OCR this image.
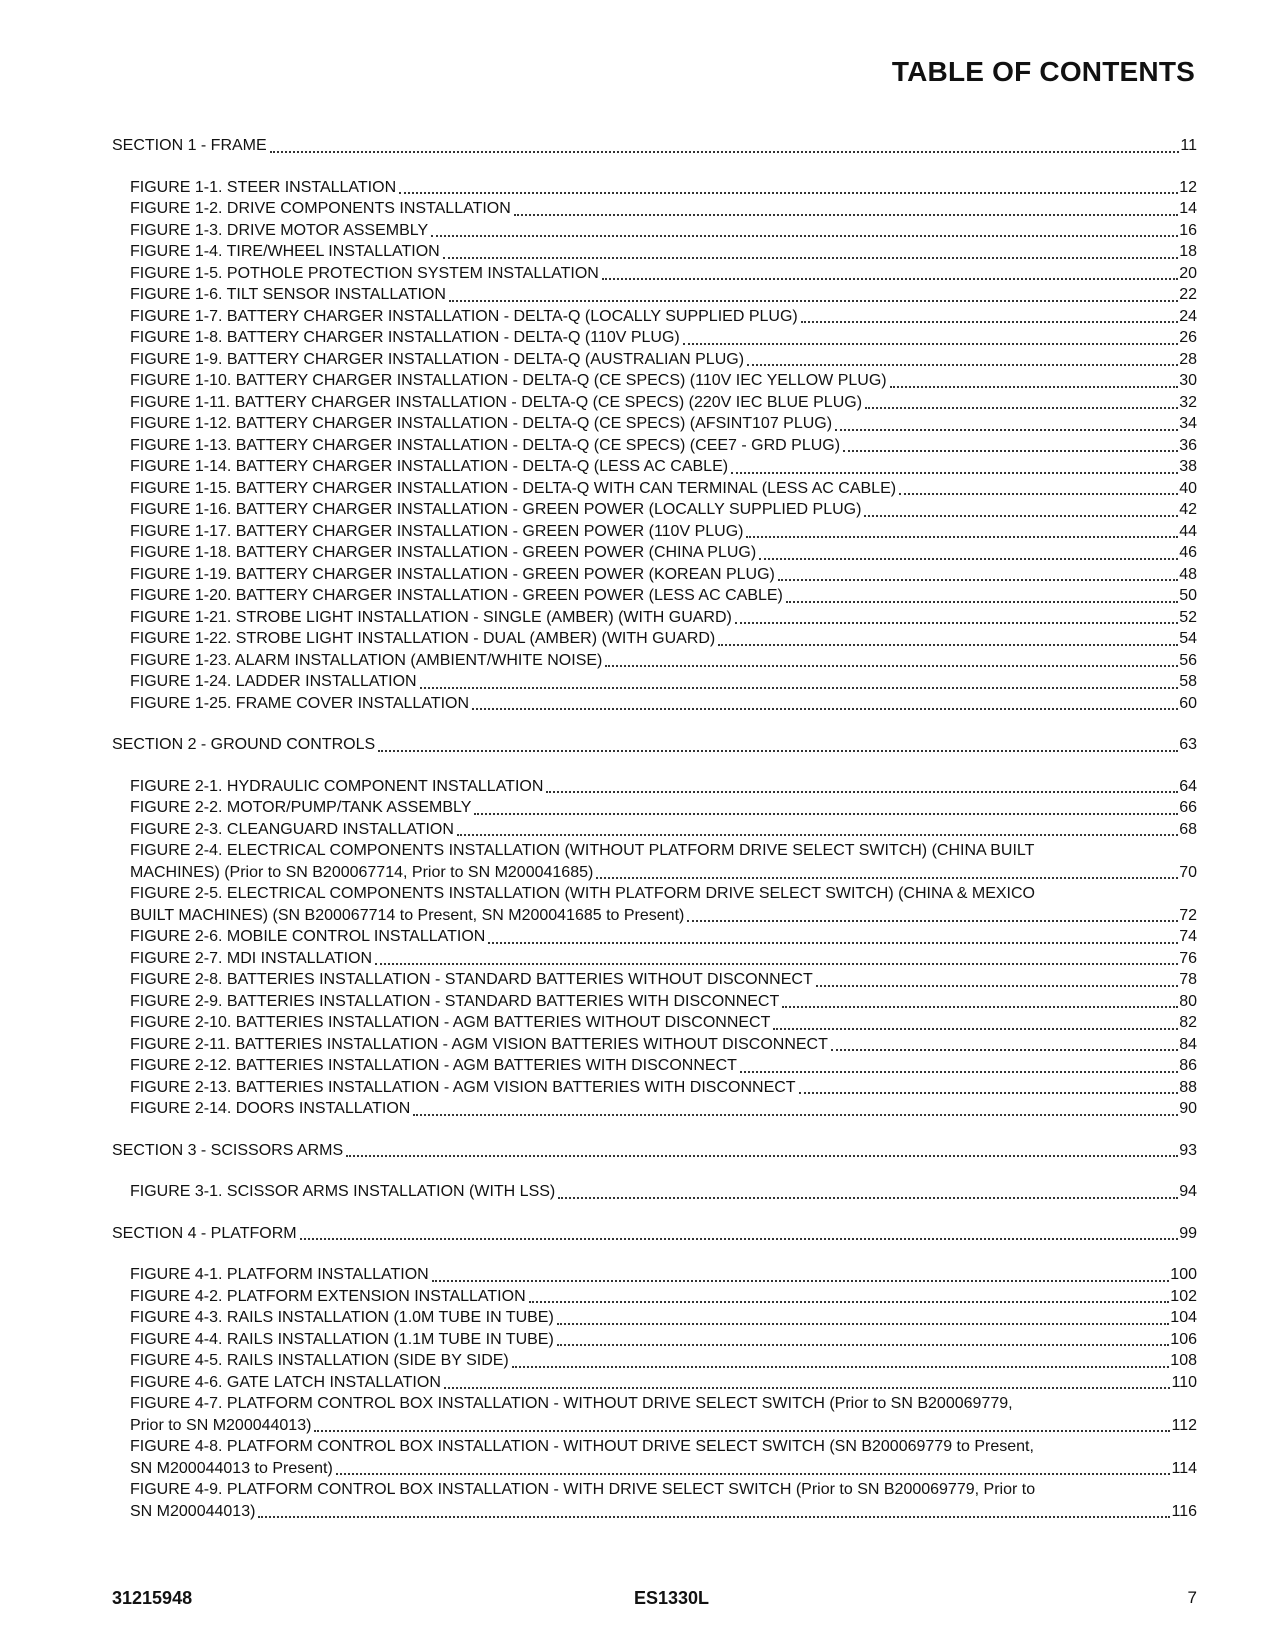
TABLE OF CONTENTS
SECTION 1 - FRAME	11
FIGURE 1-1. STEER INSTALLATION	12
FIGURE 1-2. DRIVE COMPONENTS INSTALLATION	14
FIGURE 1-3. DRIVE MOTOR ASSEMBLY	16
FIGURE 1-4. TIRE/WHEEL INSTALLATION	18
FIGURE 1-5. POTHOLE PROTECTION SYSTEM INSTALLATION	20
FIGURE 1-6. TILT SENSOR INSTALLATION	22
FIGURE 1-7. BATTERY CHARGER INSTALLATION - DELTA-Q (LOCALLY SUPPLIED PLUG)	24
FIGURE 1-8. BATTERY CHARGER INSTALLATION - DELTA-Q (110V PLUG)	26
FIGURE 1-9. BATTERY CHARGER INSTALLATION - DELTA-Q (AUSTRALIAN PLUG)	28
FIGURE 1-10. BATTERY CHARGER INSTALLATION - DELTA-Q (CE SPECS) (110V IEC YELLOW PLUG)	30
FIGURE 1-11. BATTERY CHARGER INSTALLATION - DELTA-Q (CE SPECS) (220V IEC BLUE PLUG)	32
FIGURE 1-12. BATTERY CHARGER INSTALLATION - DELTA-Q (CE SPECS) (AFSINT107 PLUG)	34
FIGURE 1-13. BATTERY CHARGER INSTALLATION - DELTA-Q (CE SPECS) (CEE7 - GRD PLUG)	36
FIGURE 1-14. BATTERY CHARGER INSTALLATION - DELTA-Q (LESS AC CABLE)	38
FIGURE 1-15. BATTERY CHARGER INSTALLATION - DELTA-Q WITH CAN TERMINAL (LESS AC CABLE)	40
FIGURE 1-16. BATTERY CHARGER INSTALLATION - GREEN POWER (LOCALLY SUPPLIED PLUG)	42
FIGURE 1-17. BATTERY CHARGER INSTALLATION - GREEN POWER (110V PLUG)	44
FIGURE 1-18. BATTERY CHARGER INSTALLATION - GREEN POWER (CHINA PLUG)	46
FIGURE 1-19. BATTERY CHARGER INSTALLATION - GREEN POWER (KOREAN PLUG)	48
FIGURE 1-20. BATTERY CHARGER INSTALLATION - GREEN POWER (LESS AC CABLE)	50
FIGURE 1-21. STROBE LIGHT INSTALLATION - SINGLE (AMBER) (WITH GUARD)	52
FIGURE 1-22. STROBE LIGHT INSTALLATION - DUAL (AMBER) (WITH GUARD)	54
FIGURE 1-23. ALARM INSTALLATION (AMBIENT/WHITE NOISE)	56
FIGURE 1-24. LADDER INSTALLATION	58
FIGURE 1-25. FRAME COVER INSTALLATION	60
SECTION 2 - GROUND CONTROLS	63
FIGURE 2-1. HYDRAULIC COMPONENT INSTALLATION	64
FIGURE 2-2. MOTOR/PUMP/TANK ASSEMBLY	66
FIGURE 2-3. CLEANGUARD INSTALLATION	68
FIGURE 2-4. ELECTRICAL COMPONENTS INSTALLATION (WITHOUT PLATFORM DRIVE SELECT SWITCH) (CHINA BUILT
MACHINES) (Prior to SN B200067714, Prior to SN M200041685)	70
FIGURE 2-5. ELECTRICAL COMPONENTS INSTALLATION (WITH PLATFORM DRIVE SELECT SWITCH) (CHINA & MEXICO
BUILT MACHINES) (SN B200067714 to Present, SN M200041685 to Present)	72
FIGURE 2-6. MOBILE CONTROL INSTALLATION	74
FIGURE 2-7. MDI INSTALLATION	76
FIGURE 2-8. BATTERIES INSTALLATION - STANDARD BATTERIES WITHOUT DISCONNECT	78
FIGURE 2-9. BATTERIES INSTALLATION - STANDARD BATTERIES WITH DISCONNECT	80
FIGURE 2-10. BATTERIES INSTALLATION - AGM BATTERIES WITHOUT DISCONNECT	82
FIGURE 2-11. BATTERIES INSTALLATION - AGM VISION BATTERIES WITHOUT DISCONNECT	84
FIGURE 2-12. BATTERIES INSTALLATION - AGM BATTERIES WITH DISCONNECT	86
FIGURE 2-13. BATTERIES INSTALLATION - AGM VISION BATTERIES WITH DISCONNECT	88
FIGURE 2-14. DOORS INSTALLATION	90
SECTION 3 - SCISSORS ARMS	93
FIGURE 3-1. SCISSOR ARMS INSTALLATION (WITH LSS)	94
SECTION 4 - PLATFORM	99
FIGURE 4-1. PLATFORM INSTALLATION	100
FIGURE 4-2. PLATFORM EXTENSION INSTALLATION	102
FIGURE 4-3. RAILS INSTALLATION (1.0M TUBE IN TUBE)	104
FIGURE 4-4. RAILS INSTALLATION (1.1M TUBE IN TUBE)	106
FIGURE 4-5. RAILS INSTALLATION (SIDE BY SIDE)	108
FIGURE 4-6. GATE LATCH INSTALLATION	110
FIGURE 4-7. PLATFORM CONTROL BOX INSTALLATION - WITHOUT DRIVE SELECT SWITCH (Prior to SN B200069779,
Prior to SN M200044013)	112
FIGURE 4-8. PLATFORM CONTROL BOX INSTALLATION - WITHOUT DRIVE SELECT SWITCH (SN B200069779 to Present,
SN M200044013 to Present)	114
FIGURE 4-9. PLATFORM CONTROL BOX INSTALLATION - WITH DRIVE SELECT SWITCH (Prior to SN B200069779, Prior to
SN M200044013)	116
31215948	ES1330L	7
